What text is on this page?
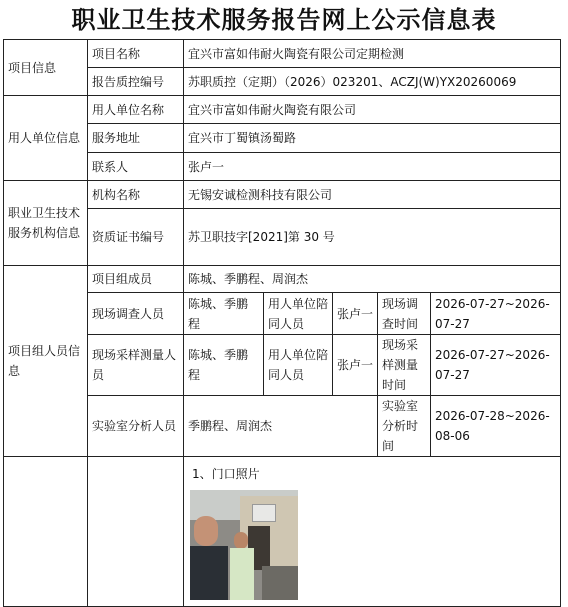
职业卫生技术服务报告网上公示信息表
项目信息	项目名称	宜兴市富如伟耐火陶瓷有限公司定期检测				
	报告质控编号	苏职质控（定期）（2026）023201、ACZJ(W)YX20260069				
用人单位信息	用人单位名称	宜兴市富如伟耐火陶瓷有限公司				
	服务地址	宜兴市丁蜀镇汤蜀路				
	联系人	张卢一				
职业卫生技术服务机构信息	机构名称	无锡安诚检测科技有限公司				
	资质证书编号	苏卫职技字[2021]第 30 号				
项目组人员信息	项目组成员	陈城、季鹏程、周润杰				
	现场调查人员	陈城、季鹏程	用人单位陪同人员	张卢一	现场调查时间	2026-07-27~2026-07-27
	现场采样测量人员	陈城、季鹏程	用人单位陪同人员	张卢一	现场采样测量时间	2026-07-27~2026-07-27
	实验室分析人员	季鹏程、周润杰			实验室分析时间	2026-07-28~2026-08-06

		1、门口照片				
